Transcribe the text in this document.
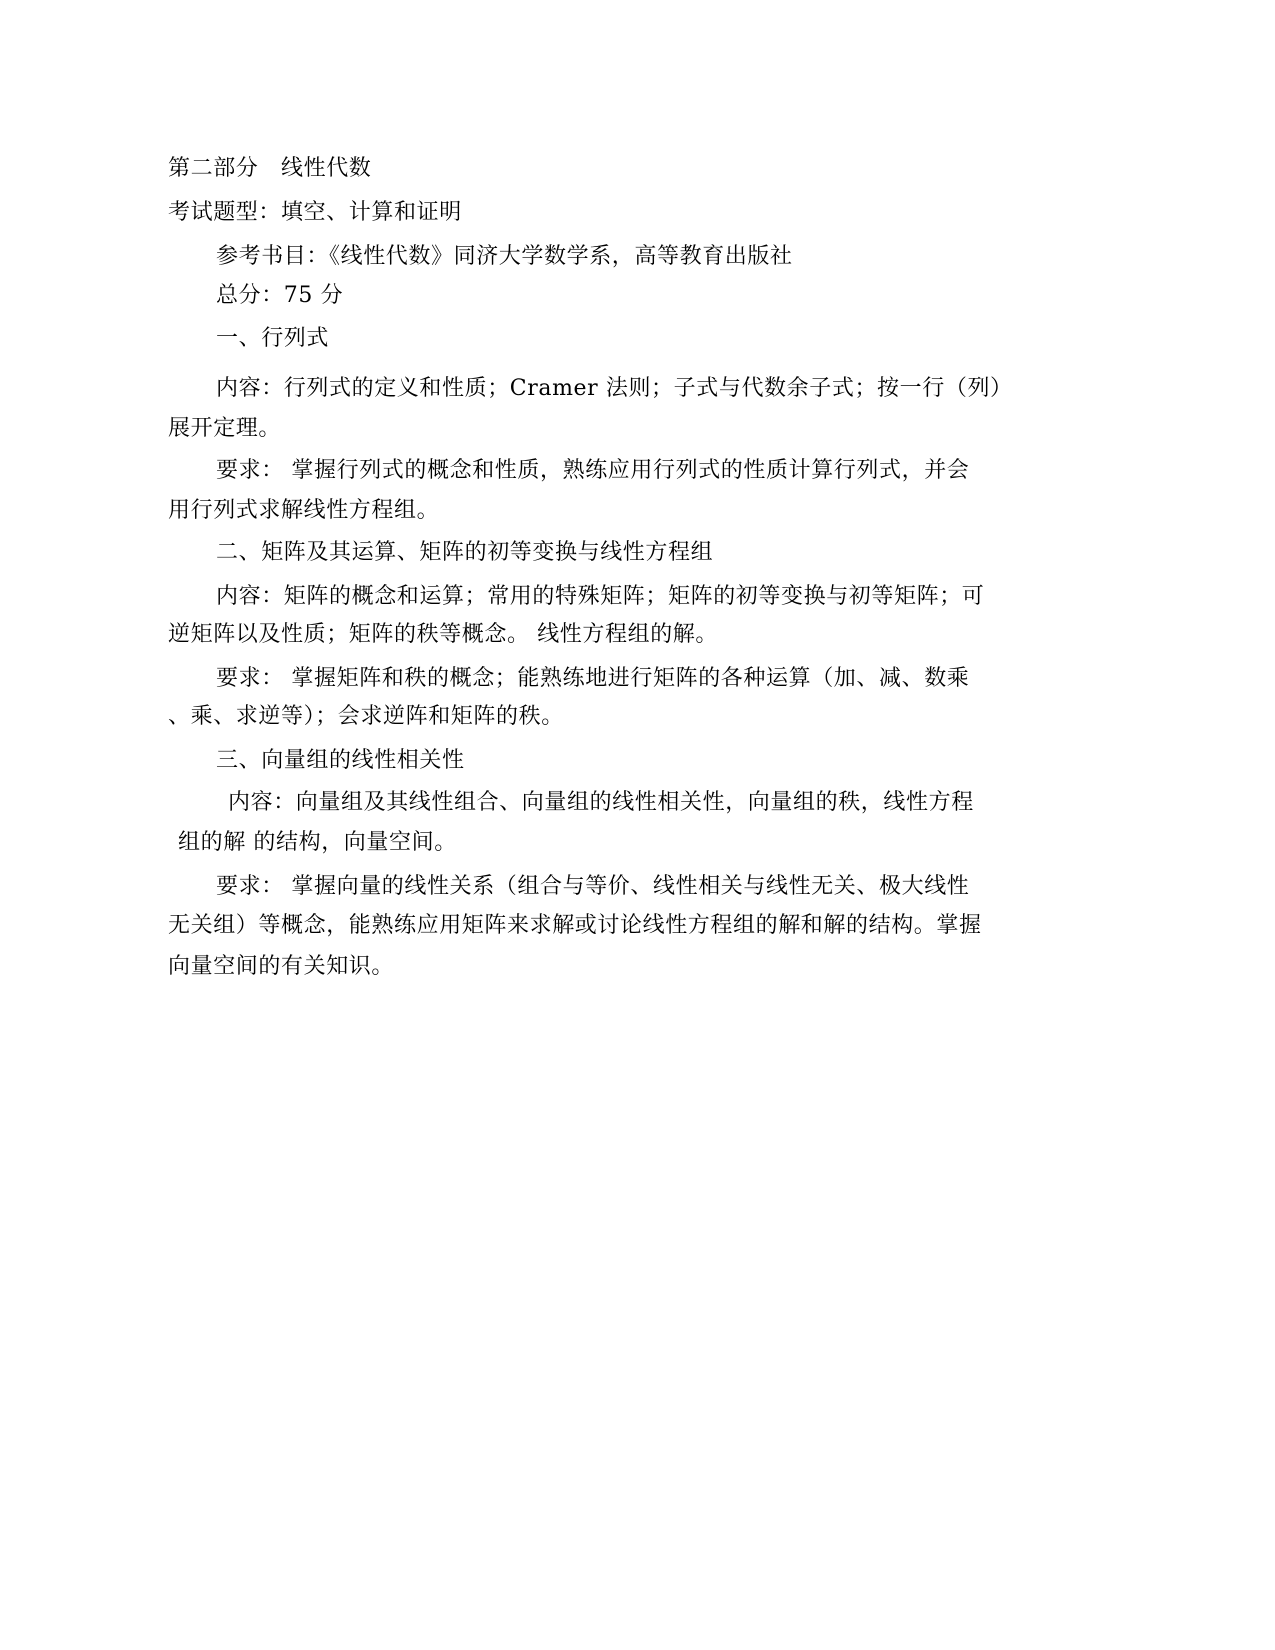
第二部分　线性代数
考试题型：填空、计算和证明
参考书目：《线性代数》同济大学数学系，高等教育出版社
总分：75 分
一、行列式
内容：行列式的定义和性质；Cramer 法则；子式与代数余子式；按一行（列）
展开定理。
要求： 掌握行列式的概念和性质，熟练应用行列式的性质计算行列式，并会
用行列式求解线性方程组。
二、矩阵及其运算、矩阵的初等变换与线性方程组
内容：矩阵的概念和运算；常用的特殊矩阵；矩阵的初等变换与初等矩阵；可
逆矩阵以及性质；矩阵的秩等概念。 线性方程组的解。
要求： 掌握矩阵和秩的概念；能熟练地进行矩阵的各种运算（加、减、数乘
、乘、求逆等）；会求逆阵和矩阵的秩。
三、向量组的线性相关性
内容：向量组及其线性组合、向量组的线性相关性，向量组的秩，线性方程
组的解 的结构，向量空间。
要求： 掌握向量的线性关系（组合与等价、线性相关与线性无关、极大线性
无关组）等概念，能熟练应用矩阵来求解或讨论线性方程组的解和解的结构。掌握
向量空间的有关知识。
